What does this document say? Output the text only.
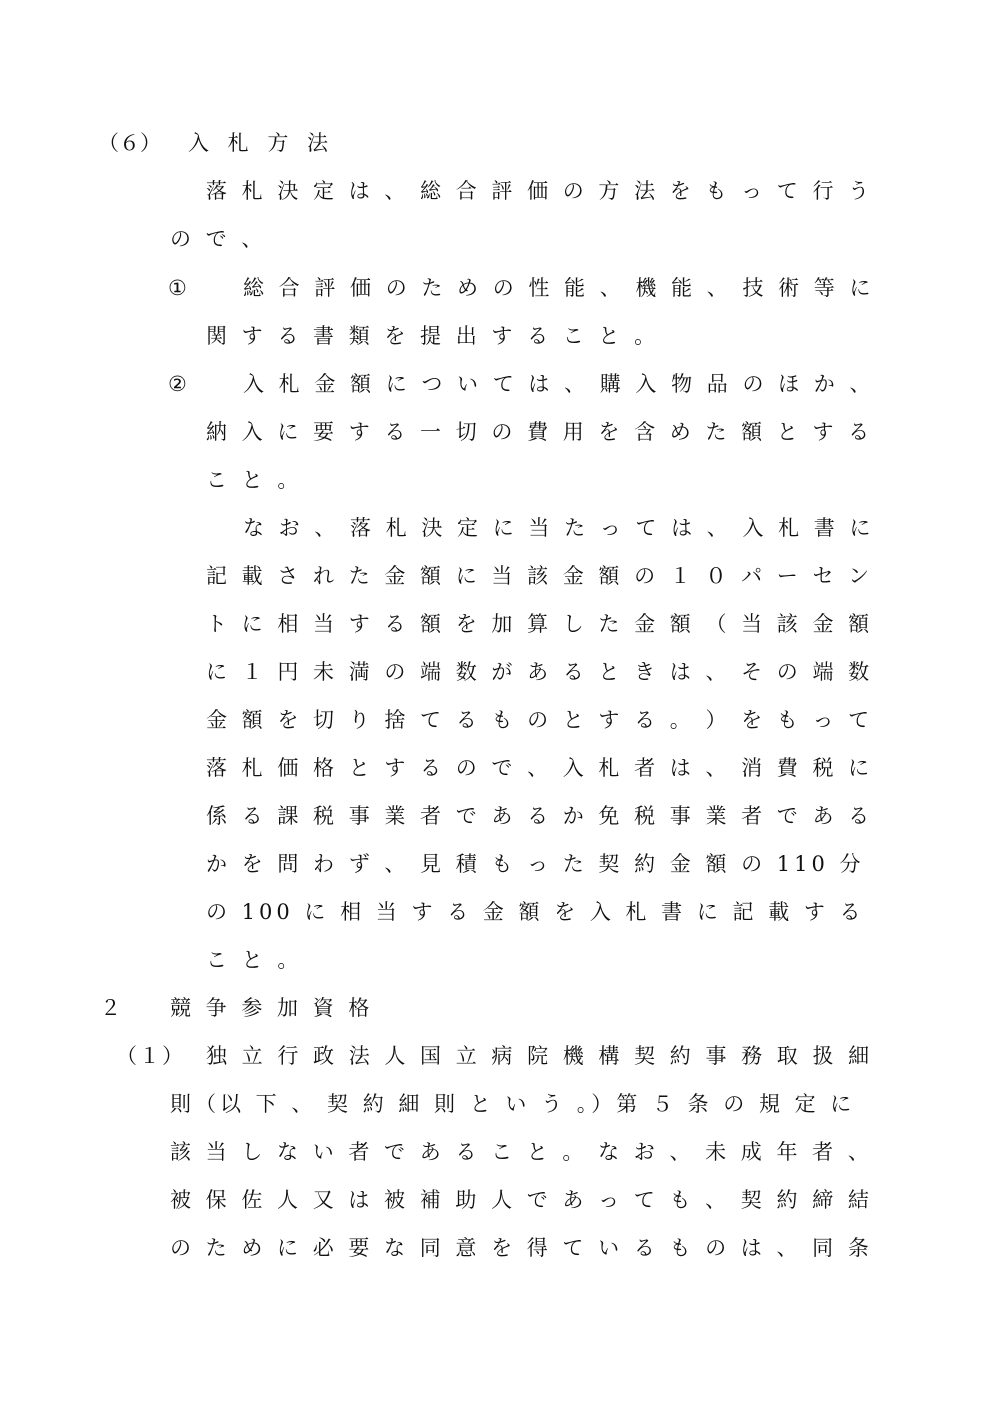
（６） 入 札 方 法
落 札 決 定 は 、 総 合 評 価 の 方 法 を も っ て 行 う
の で 、
①	総 合 評 価 の た め の 性 能 、 機 能 、 技 術 等 に
関 す る 書 類 を 提 出 す る こ と 。
②	入 札 金 額 に つ い て は 、 購 入 物 品 の ほ か 、
納 入 に 要 す る 一 切 の 費 用 を 含 め た 額 と す る
こ と 。
な お 、 落 札 決 定 に 当 た っ て は 、 入 札 書 に
記 載 さ れ た 金 額 に 当 該 金 額 の １ ０ パ ー セ ン
ト に 相 当 す る 額 を 加 算 し た 金 額 （ 当 該 金 額
に １ 円 未 満 の 端 数 が あ る と き は 、 そ の 端 数
金 額 を 切 り 捨 て る も の と す る 。 ） を も っ て
落 札 価 格 と す る の で 、 入 札 者 は 、 消 費 税 に
係 る 課 税 事 業 者 で あ る か 免 税 事 業 者 で あ る
か を 問 わ ず 、 見 積 も っ た 契 約 金 額 の 110 分
の 100 に 相 当 す る 金 額 を 入 札 書 に 記 載 す る
こ と 。
２ 競 争 参 加 資 格
（１） 独 立 行 政 法 人 国 立 病 院 機 構 契 約 事 務 取 扱 細
則（以 下 、 契 約 細 則 と い う 。）第 ５ 条 の 規 定 に
該 当 し な い 者 で あ る こ と 。 な お 、 未 成 年 者 、
被 保 佐 人 又 は 被 補 助 人 で あ っ て も 、 契 約 締 結
の た め に 必 要 な 同 意 を 得 て い る も の は 、 同 条
